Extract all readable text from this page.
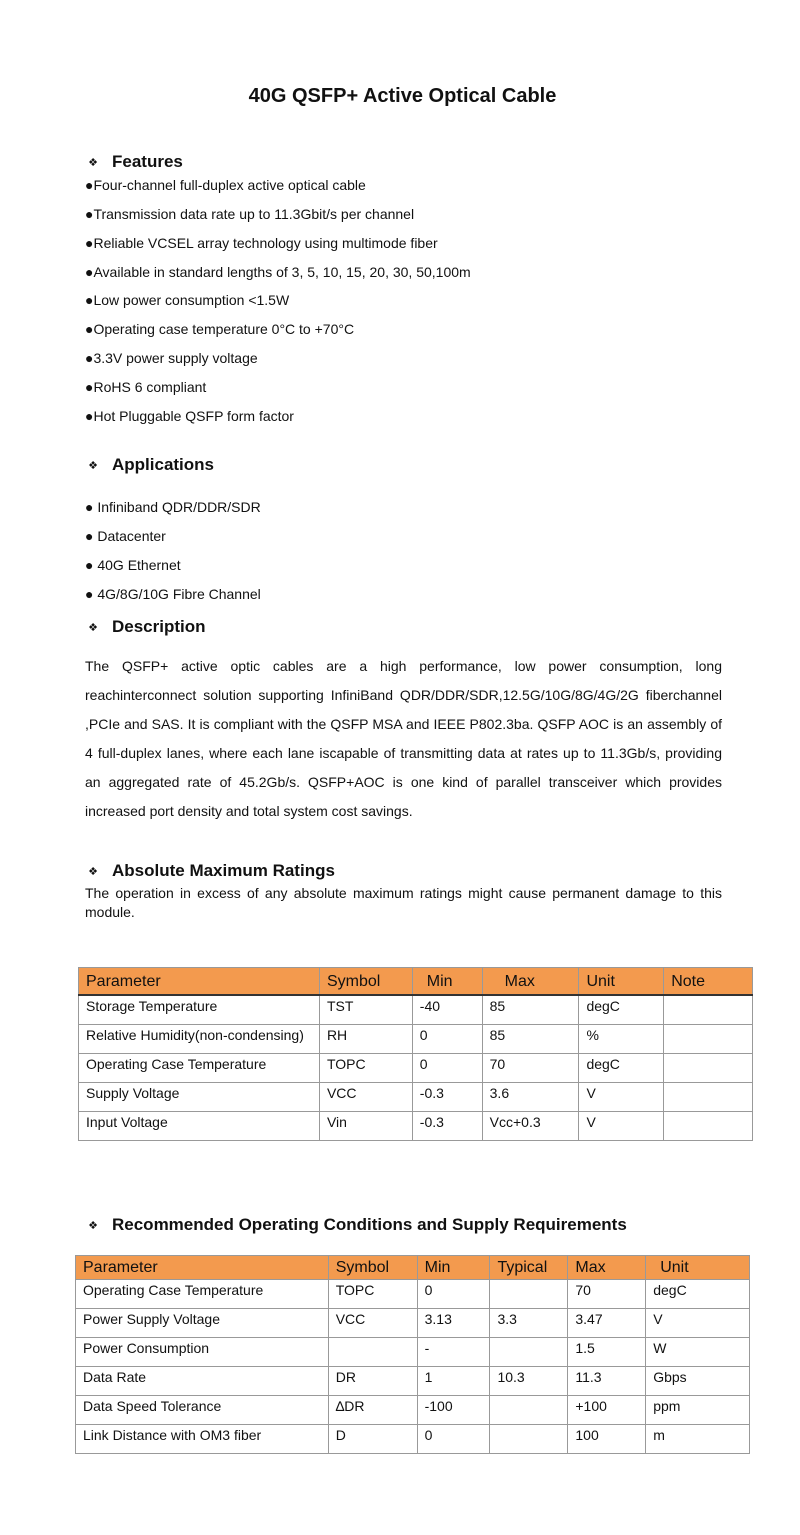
40G QSFP+ Active Optical Cable
❖ Features
●Four-channel full-duplex active optical cable
●Transmission data rate up to 11.3Gbit/s per channel
●Reliable VCSEL array technology using multimode fiber
●Available in standard lengths of 3, 5, 10, 15, 20, 30, 50,100m
●Low power consumption <1.5W
●Operating case temperature 0°C to +70°C
●3.3V power supply voltage
●RoHS 6 compliant
●Hot Pluggable QSFP form factor
❖ Applications
● Infiniband QDR/DDR/SDR
● Datacenter
● 40G Ethernet
● 4G/8G/10G Fibre Channel
❖ Description

The QSFP+ active optic cables are a high performance, low power consumption, long reachinterconnect solution supporting InfiniBand QDR/DDR/SDR,12.5G/10G/8G/4G/2G fiberchannel ,PCIe and SAS. It is compliant with the QSFP MSA and IEEE P802.3ba. QSFP AOC is an assembly of 4 full-duplex lanes, where each lane iscapable of transmitting data at rates up to 11.3Gb/s, providing an aggregated rate of 45.2Gb/s. QSFP+AOC is one kind of parallel transceiver which provides increased port density and total system cost savings.

❖ Absolute Maximum Ratings

The operation in excess of any absolute maximum ratings might cause permanent damage to this module.

Parameter	Symbol	Min	Max	Unit	Note
Storage Temperature	TST	-40	85	degC	
Relative Humidity(non-condensing)	RH	0	85	%	
Operating Case Temperature	TOPC	0	70	degC	
Supply Voltage	VCC	-0.3	3.6	V	
Input Voltage	Vin	-0.3	Vcc+0.3	V	
❖ Recommended Operating Conditions and Supply Requirements
Parameter	Symbol	Min	Typical	Max	Unit
Operating Case Temperature	TOPC	0		70	degC
Power Supply Voltage	VCC	3.13	3.3	3.47	V
Power Consumption		-		1.5	W
Data Rate	DR	1	10.3	11.3	Gbps
Data Speed Tolerance	∆DR	-100		+100	ppm
Link Distance with OM3 fiber	D	0		100	m
